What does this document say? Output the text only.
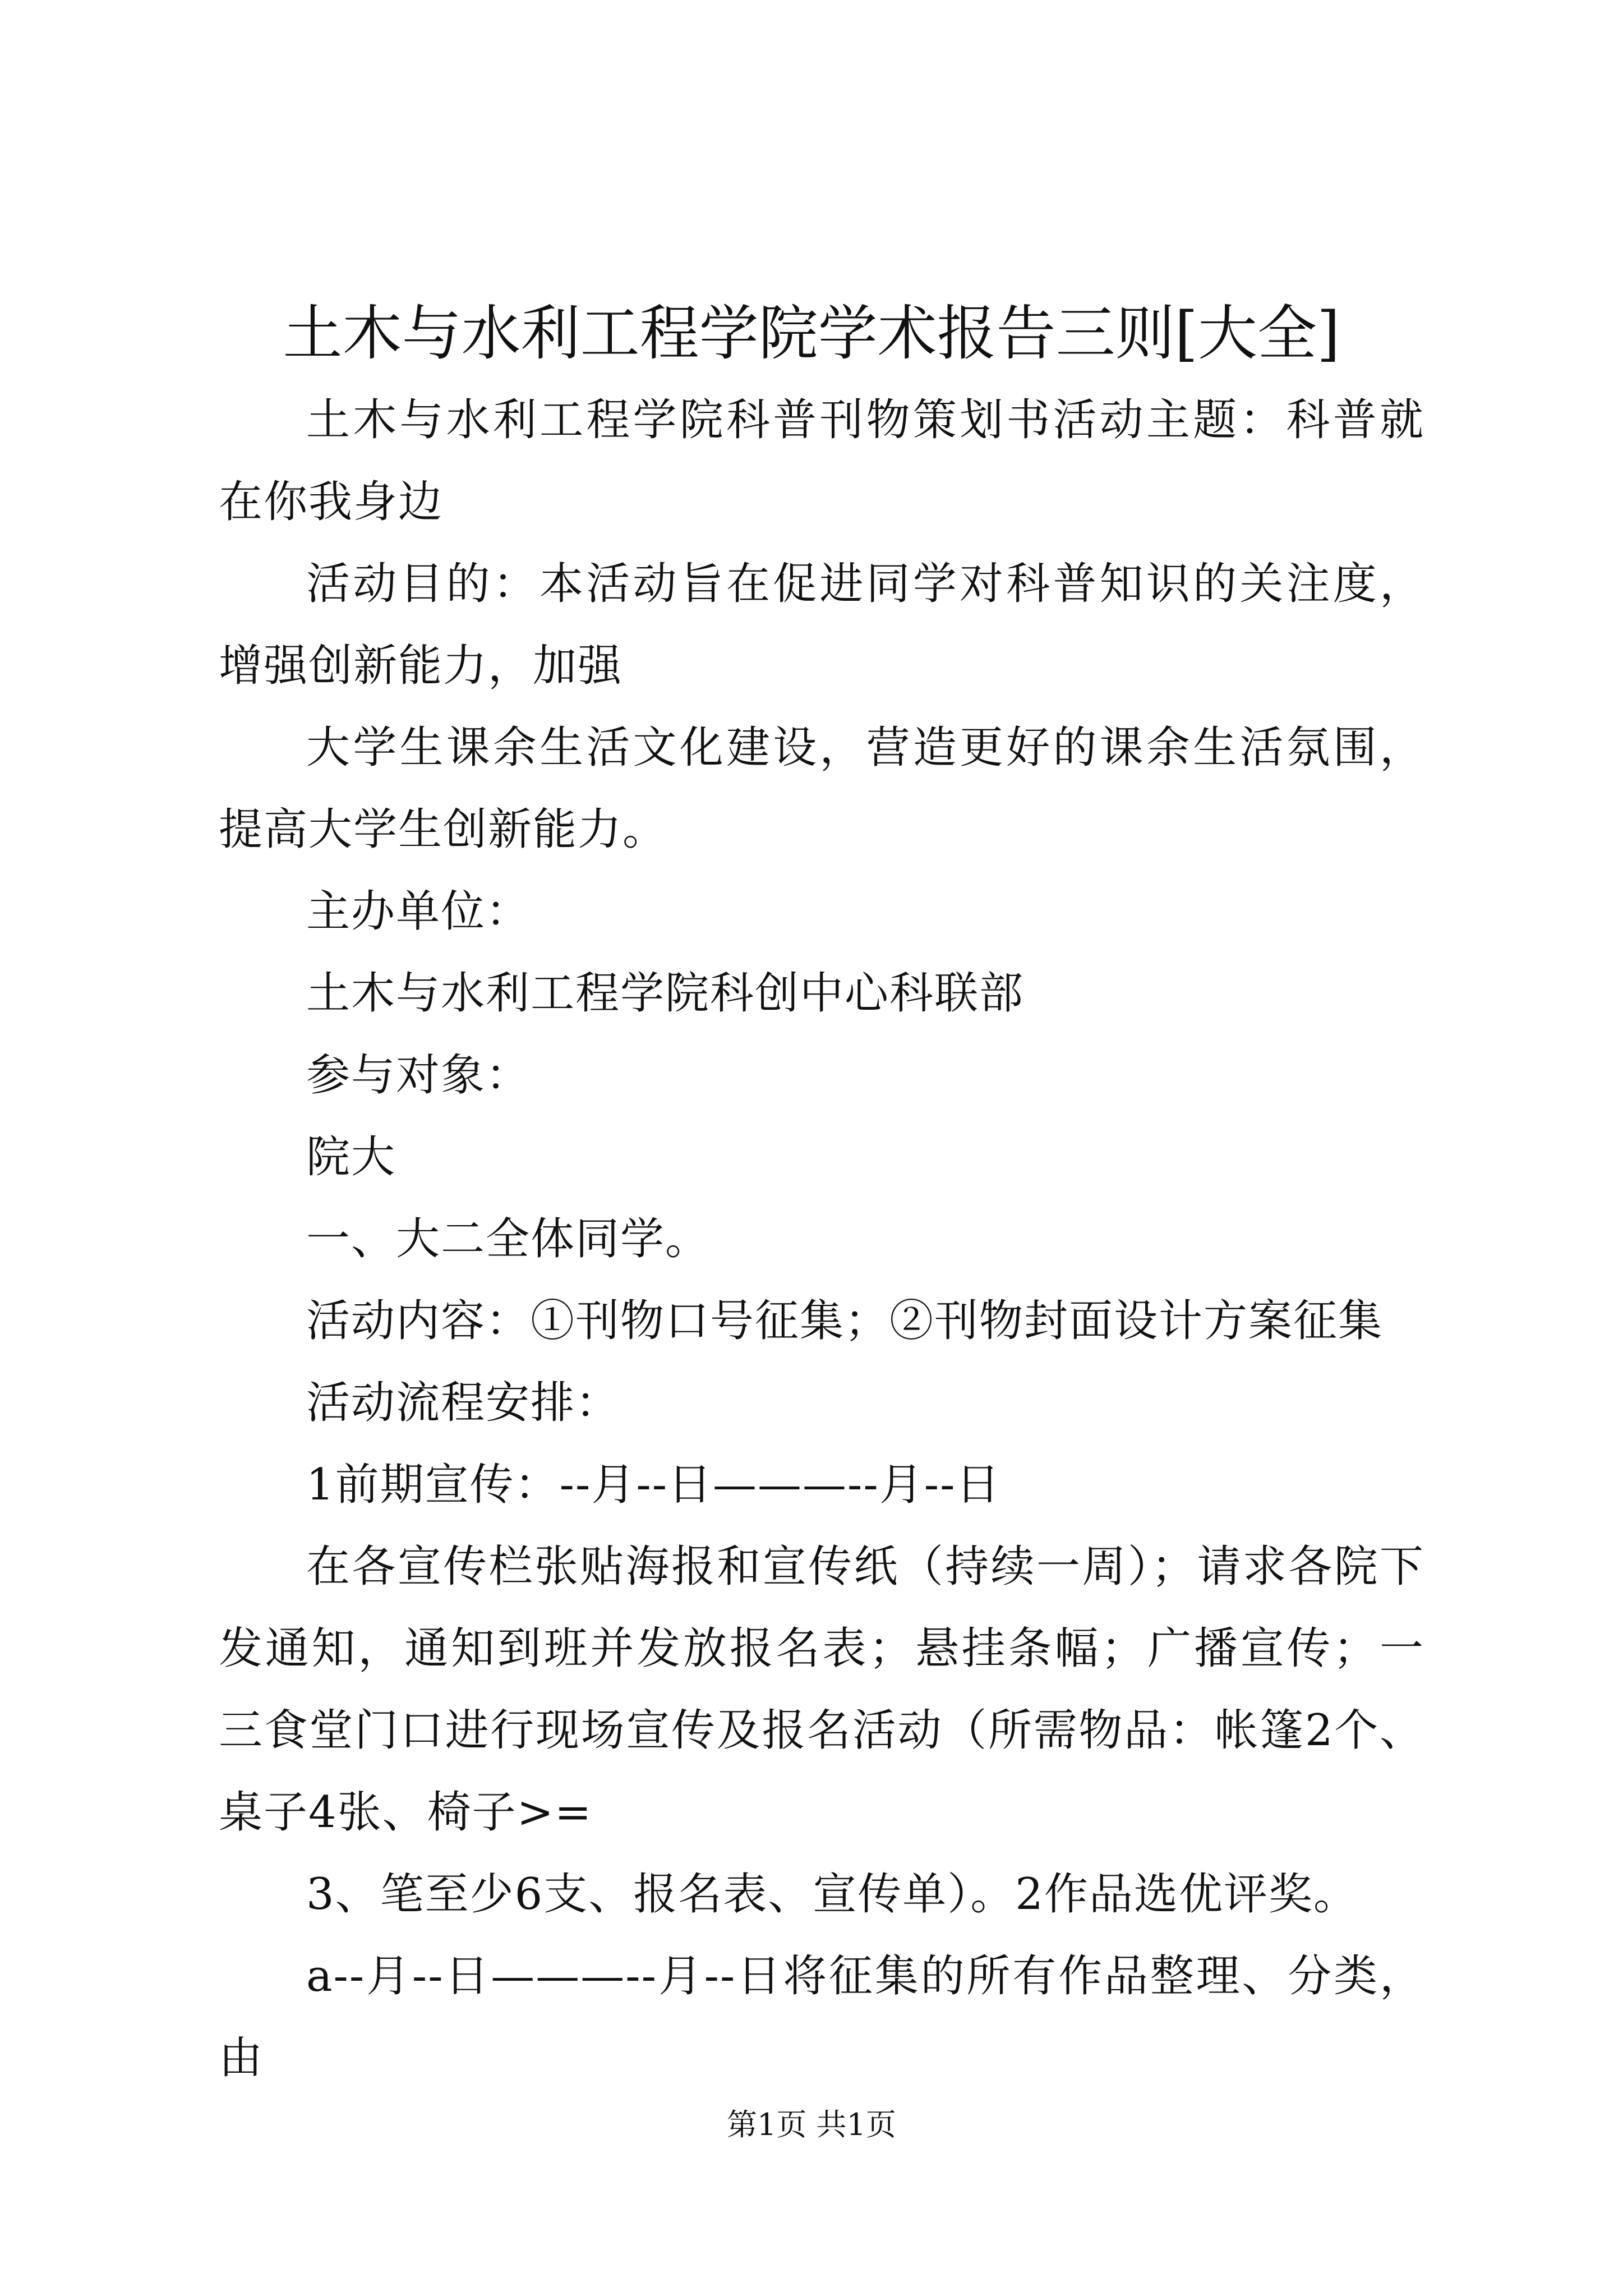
土木与水利工程学院学术报告三则[大全]

土木与水利工程学院科普刊物策划书活动主题：科普就在你我身边

活动目的：本活动旨在促进同学对科普知识的关注度，增强创新能力，加强

大学生课余生活文化建设，营造更好的课余生活氛围，提高大学生创新能力。

主办单位：

土木与水利工程学院科创中心科联部

参与对象：

院大

一、大二全体同学。

活动内容：①刊物口号征集；②刊物封面设计方案征集

活动流程安排：

1前期宣传：--月--日———--月--日

在各宣传栏张贴海报和宣传纸（持续一周）；请求各院下发通知，通知到班并发放报名表；悬挂条幅；广播宣传；一三食堂门口进行现场宣传及报名活动（所需物品：帐篷2个、桌子4张、椅子>=

3、笔至少6支、报名表、宣传单）。2作品选优评奖。

a--月--日———--月--日将征集的所有作品整理、分类，由

第1页 共1页
